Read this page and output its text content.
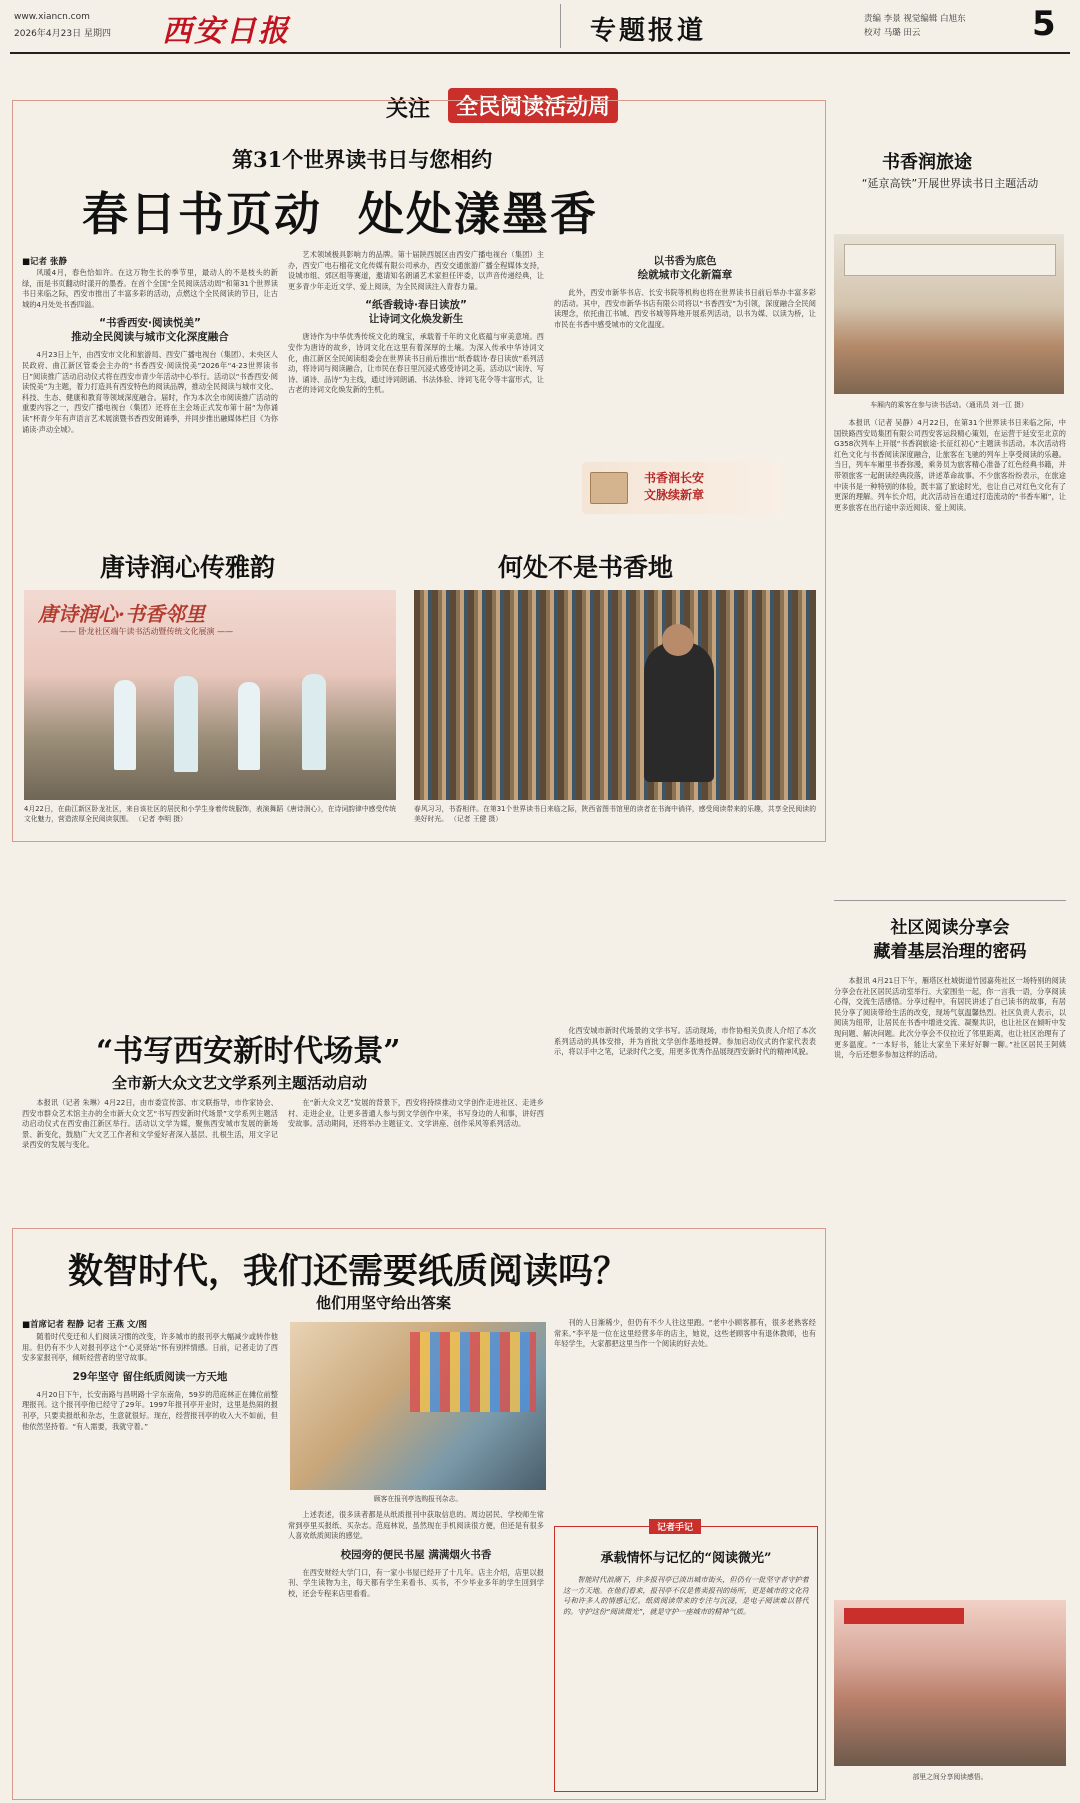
www.xiancn.com
2026年4月23日 星期四 西安日报	专题报道	责编 李景 视觉编辑 白旭东
校对 马璐 田云	5
关注	全民阅读活动周
第31个世界读书日与您相约
春日书页动  处处漾墨香
■记者 张静

风暖4月，春色恰如许。在这万物生长的季节里，最动人的不是枝头的新绿，而是书页翻动时漾开的墨香。在首个全国“全民阅读活动周”和第31个世界读书日来临之际，西安市推出了丰富多彩的活动，点燃这个全民阅读的节日，让古城的4月处处书香四溢。

“书香西安·阅读悦美”
推动全民阅读与城市文化深度融合

4月23日上午，由西安市文化和旅游局、西安广播电视台（集团）、未央区人民政府、曲江新区管委会主办的“书香西安·阅读悦美”2026年“4·23世界读书日”阅读推广活动启动仪式将在西安市青少年活动中心举行。活动以“书香西安·阅读悦美”为主题，着力打造具有西安特色的阅读品牌，推动全民阅读与城市文化、科技、生态、健康和教育等领域深度融合。届时，作为本次全市阅读推广活动的重要内容之一，西安广播电视台（集团）还将在主会场正式发布第十届“为你诵读”杯青少年有声语言艺术展演暨书香西安朗诵季，并同步推出融媒体栏目《为你诵读·声动全城》。

艺术领域极具影响力的品牌。第十届陕西展区由西安广播电视台（集团）主办，西安广电石榴花文化传媒有限公司承办，西安交通旅游广播全程媒体支持，设城市组、郊区组等赛道，邀请知名朗诵艺术家担任评委，以声音传递经典，让更多青少年走近文学、爱上阅读，为全民阅读注入青春力量。

“纸香载诗·春日读放”
让诗词文化焕发新生

唐诗作为中华优秀传统文化的瑰宝，承载着千年的文化底蕴与审美意境。西安作为唐诗的故乡，诗词文化在这里有着深厚的土壤。为深入传承中华诗词文化，曲江新区全民阅读组委会在世界读书日前后推出“纸香载诗·春日读放”系列活动，将诗词与阅读融合，让市民在春日里沉浸式感受诗词之美。活动以“读诗、写诗、诵诗、品诗”为主线，通过诗词朗诵、书法体验、诗词飞花令等丰富形式，让古老的诗词文化焕发新的生机。

以书香为底色
绘就城市文化新篇章

此外，西安市新华书店、长安书院等机构也将在世界读书日前后举办丰富多彩的活动。其中，西安市新华书店有限公司将以“书香西安”为引领，深度融合全民阅读理念，依托曲江书城、西安书城等阵地开展系列活动，以书为媒、以读为桥，让市民在书香中感受城市的文化温度。

书香润长安
文脉续新章
唐诗润心传雅韵	何处不是书香地
唐诗润心·书香邻里
—— 卧龙社区端午读书活动暨传统文化展演 ——
4月22日，在曲江新区卧龙社区，来自该社区的居民和小学生身着传统服饰，表演舞蹈《唐诗润心》，在诗词韵律中感受传统文化魅力，营造浓厚全民阅读氛围。 （记者 李明 摄）
春风习习，书香相伴。在第31个世界读书日来临之际，陕西省图书馆里的读者在书海中徜徉，感受阅读带来的乐趣，共享全民阅读的美好时光。 （记者 王健 摄）
书香润旅途
“延京高铁”开展世界读书日主题活动
车厢内的乘客在参与读书活动。（通讯员 刘一江 摄）
本报讯（记者 吴静）4月22日，在第31个世界读书日来临之际，中国铁路西安局集团有限公司西安客运段精心策划，在运营于延安至北京的G358次列车上开展“书香润旅途·长征红初心”主题读书活动。本次活动将红色文化与书香阅读深度融合，让旅客在飞驰的列车上享受阅读的乐趣。当日，列车车厢里书香弥漫，乘务员为旅客精心准备了红色经典书籍，并带领旅客一起朗读经典段落，讲述革命故事。不少旅客纷纷表示，在旅途中读书是一种特别的体验，既丰富了旅途时光，也让自己对红色文化有了更深的理解。列车长介绍，此次活动旨在通过打造流动的“书香车厢”，让更多旅客在出行途中亲近阅读、爱上阅读。
社区阅读分享会
藏着基层治理的密码
本报讯 4月21日下午，雁塔区杜城街道竹园嘉苑社区一场特别的阅读分享会在社区居民活动室举行。大家围坐一起，你一言我一语，分享阅读心得，交流生活感悟。分享过程中，有居民讲述了自己读书的故事，有居民分享了阅读带给生活的改变，现场气氛温馨热烈。社区负责人表示，以阅读为纽带，让居民在书香中增进交流、凝聚共识，也让社区在倾听中发现问题、解决问题。此次分享会不仅拉近了邻里距离，也让社区治理有了更多温度。“一本好书，能让大家坐下来好好聊一聊。”社区居民王阿姨说，今后还想多参加这样的活动。
“书写西安新时代场景”
全市新大众文艺文学系列主题活动启动
本报讯（记者 朱琳）4月22日，由市委宣传部、市文联指导，市作家协会、西安市群众艺术馆主办的全市新大众文艺“书写西安新时代场景”文学系列主题活动启动仪式在西安曲江新区举行。活动以文学为媒，聚焦西安城市发展的新场景、新变化，鼓励广大文艺工作者和文学爱好者深入基层、扎根生活，用文字记录西安的发展与变化。
在“新大众文艺”发展的背景下，西安将持续推动文学创作走进社区、走进乡村、走进企业，让更多普通人参与到文学创作中来，书写身边的人和事，讲好西安故事。活动期间，还将举办主题征文、文学讲座、创作采风等系列活动。
化西安城市新时代场景的文学书写。活动现场，市作协相关负责人介绍了本次系列活动的具体安排，并为首批文学创作基地授牌。参加启动仪式的作家代表表示，将以手中之笔，记录时代之变，用更多优秀作品展现西安新时代的精神风貌。
数智时代，我们还需要纸质阅读吗？
他们用坚守给出答案
■首席记者 程静 记者 王燕 文/图

随着时代变迁和人们阅读习惯的改变，许多城市的报刊亭大幅减少或转作他用。但仍有不少人对报刊亭这个“心灵驿站”怀有别样情感。日前，记者走访了西安多家报刊亭，倾听经营者的坚守故事。

29年坚守 留住纸质阅读一方天地

4月20日下午，长安南路与昌明路十字东南角，59岁的范庭林正在摊位前整理报刊。这个报刊亭他已经守了29年。1997年报刊亭开业时，这里是热闹的报刊亭，只要卖报纸和杂志，生意就很好。现在，经营报刊亭的收入大不如前，但他依然坚持着。“有人需要，我就守着。”

顾客在报刊亭选购报刊杂志。

上述表述，很多读者都是从纸质报刊中获取信息的。周边居民、学校师生常常到亭里买报纸、买杂志。范庭林说，虽然现在手机阅读很方便，但还是有很多人喜欢纸质阅读的感觉。

校园旁的便民书屋 满满烟火书香

在西安财经大学门口，有一家小书屋已经开了十几年。店主介绍，店里以报刊、学生读物为主，每天都有学生来看书、买书，不少毕业多年的学生回到学校，还会专程来店里看看。

刊的人日渐稀少，但仍有不少人往这里跑。“老中小顾客都有，很多老熟客经常来。”李平是一位在这里经营多年的店主，她说，这些老顾客中有退休教师，也有年轻学生，大家都把这里当作一个阅读的好去处。
记者手记
承载情怀与记忆的“阅读微光”
智能时代浪潮下，许多报刊亭已淡出城市街头，但仍有一批坚守者守护着这一方天地。在他们看来，报刊亭不仅是售卖报刊的场所，更是城市的文化符号和许多人的情感记忆。纸质阅读带来的专注与沉浸，是电子阅读难以替代的。守护这份“阅读微光”，就是守护一座城市的精神气质。
部里之间分享阅读感悟。
